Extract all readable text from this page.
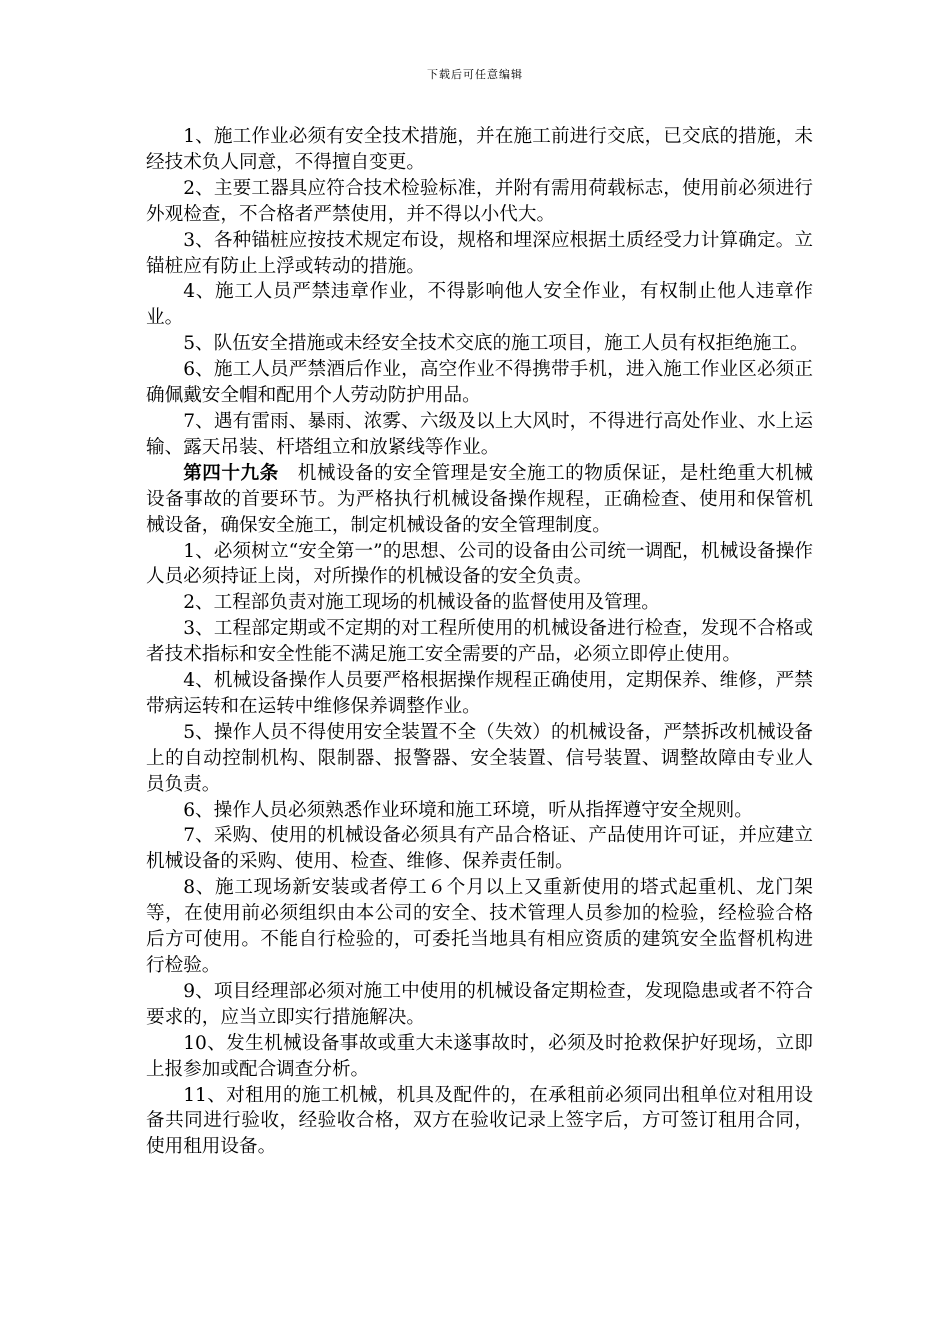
下载后可任意编辑

1、施工作业必须有安全技术措施，并在施工前进行交底，已交底的措施，未经技术负人同意，不得擅自变更。

2、主要工器具应符合技术检验标准，并附有需用荷载标志，使用前必须进行外观检查，不合格者严禁使用，并不得以小代大。

3、各种锚桩应按技术规定布设，规格和埋深应根据土质经受力计算确定。立锚桩应有防止上浮或转动的措施。

4、施工人员严禁违章作业，不得影响他人安全作业，有权制止他人违章作业。

5、队伍安全措施或未经安全技术交底的施工项目，施工人员有权拒绝施工。

6、施工人员严禁酒后作业，高空作业不得携带手机，进入施工作业区必须正确佩戴安全帽和配用个人劳动防护用品。

7、遇有雷雨、暴雨、浓雾、六级及以上大风时，不得进行高处作业、水上运输、露天吊装、杆塔组立和放紧线等作业。

第四十九条　机械设备的安全管理是安全施工的物质保证，是杜绝重大机械设备事故的首要环节。为严格执行机械设备操作规程，正确检查、使用和保管机械设备，确保安全施工，制定机械设备的安全管理制度。

1、必须树立“安全第一”的思想、公司的设备由公司统一调配，机械设备操作人员必须持证上岗，对所操作的机械设备的安全负责。

2、工程部负责对施工现场的机械设备的监督使用及管理。

3、工程部定期或不定期的对工程所使用的机械设备进行检查，发现不合格或者技术指标和安全性能不满足施工安全需要的产品，必须立即停止使用。

4、机械设备操作人员要严格根据操作规程正确使用，定期保养、维修，严禁带病运转和在运转中维修保养调整作业。

5、操作人员不得使用安全装置不全（失效）的机械设备，严禁拆改机械设备上的自动控制机构、限制器、报警器、安全装置、信号装置、调整故障由专业人员负责。

6、操作人员必须熟悉作业环境和施工环境，听从指挥遵守安全规则。

7、采购、使用的机械设备必须具有产品合格证、产品使用许可证，并应建立机械设备的采购、使用、检查、维修、保养责任制。

8、施工现场新安装或者停工６个月以上又重新使用的塔式起重机、龙门架等，在使用前必须组织由本公司的安全、技术管理人员参加的检验，经检验合格后方可使用。不能自行检验的，可委托当地具有相应资质的建筑安全监督机构进行检验。

9、项目经理部必须对施工中使用的机械设备定期检查，发现隐患或者不符合要求的，应当立即实行措施解决。

10、发生机械设备事故或重大未遂事故时，必须及时抢救保护好现场，立即上报参加或配合调查分析。

11、对租用的施工机械，机具及配件的，在承租前必须同出租单位对租用设备共同进行验收，经验收合格，双方在验收记录上签字后，方可签订租用合同，使用租用设备。
